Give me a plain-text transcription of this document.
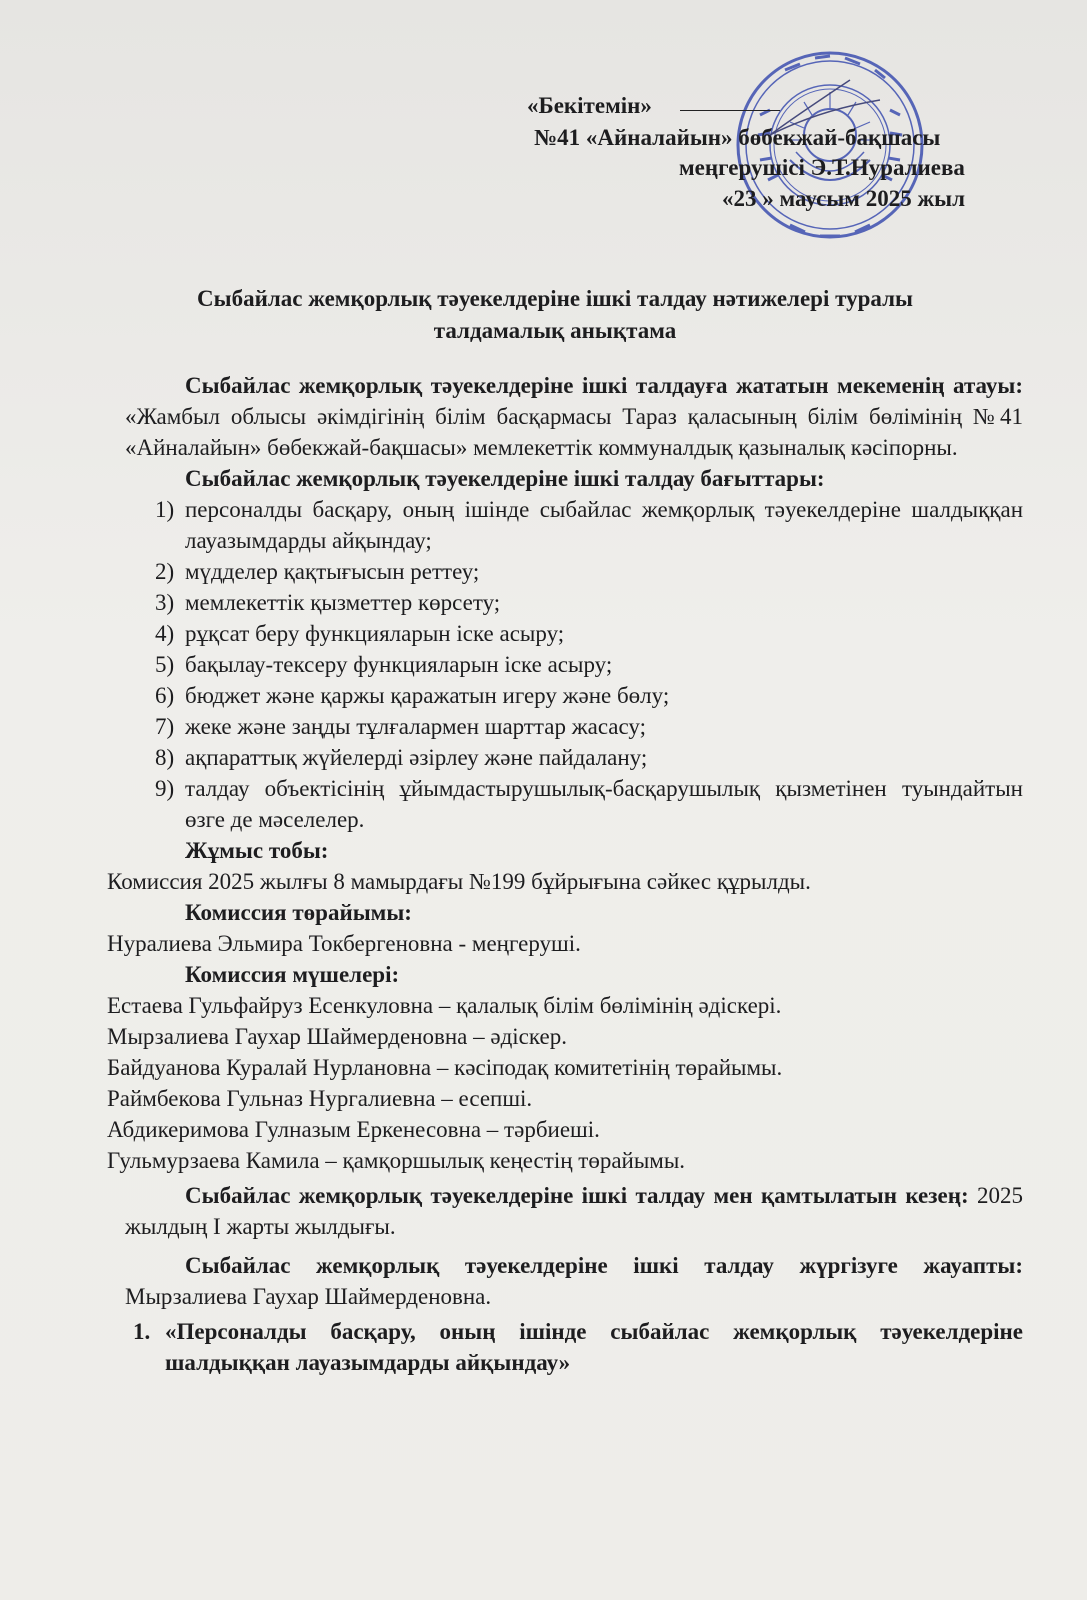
«Бекітемін»
№41 «Айналайын» бөбекжай-бақшасы
меңгерушісі Э.Т.Нуралиева
«23 » маусым 2025 жыл
Сыбайлас жемқорлық тәуекелдеріне ішкі талдау нәтижелері туралы
талдамалық анықтама

Сыбайлас жемқорлық тәуекелдеріне ішкі талдауға жататын мекеменің атауы: «Жамбыл облысы әкімдігінің білім басқармасы Тараз қаласының білім бөлімінің №41 «Айналайын» бөбекжай-бақшасы» мемлекеттік коммуналдық қазыналық кәсіпорны.

Сыбайлас жемқорлық тәуекелдеріне ішкі талдау бағыттары:

1) персоналды басқару, оның ішінде сыбайлас жемқорлық тәуекелдеріне шалдыққан лауазымдарды айқындау;
2) мүдделер қақтығысын реттеу;
3) мемлекеттік қызметтер көрсету;
4) рұқсат беру функцияларын іске асыру;
5) бақылау-тексеру функцияларын іске асыру;
6) бюджет және қаржы қаражатын игеру және бөлу;
7) жеке және заңды тұлғалармен шарттар жасасу;
8) ақпараттық жүйелерді әзірлеу және пайдалану;
9) талдау объектісінің ұйымдастырушылық-басқарушылық қызметінен туындайтын өзге де мәселелер.

Жұмыс тобы:

Комиссия 2025 жылғы 8 мамырдағы №199 бұйрығына сәйкес құрылды.

Комиссия төрайымы:

Нуралиева Эльмира Токбергеновна - меңгеруші.

Комиссия мүшелері:

Естаева Гульфайруз Есенкуловна – қалалық білім бөлімінің әдіскері.

Мырзалиева Гаухар Шаймерденовна – әдіскер.

Байдуанова Куралай Нурлановна – кәсіподақ комитетінің төрайымы.

Раймбекова Гульназ Нургалиевна – есепші.

Абдикеримова Гулназым Еркенесовна – тәрбиеші.

Гульмурзаева Камила – қамқоршылық кеңестің төрайымы.

Сыбайлас жемқорлық тәуекелдеріне ішкі талдау мен қамтылатын кезең: 2025 жылдың І жарты жылдығы.

Сыбайлас жемқорлық тәуекелдеріне ішкі талдау жүргізуге жауапты: Мырзалиева Гаухар Шаймерденовна.

1. «Персоналды басқару, оның ішінде сыбайлас жемқорлық тәуекелдеріне шалдыққан лауазымдарды айқындау»
